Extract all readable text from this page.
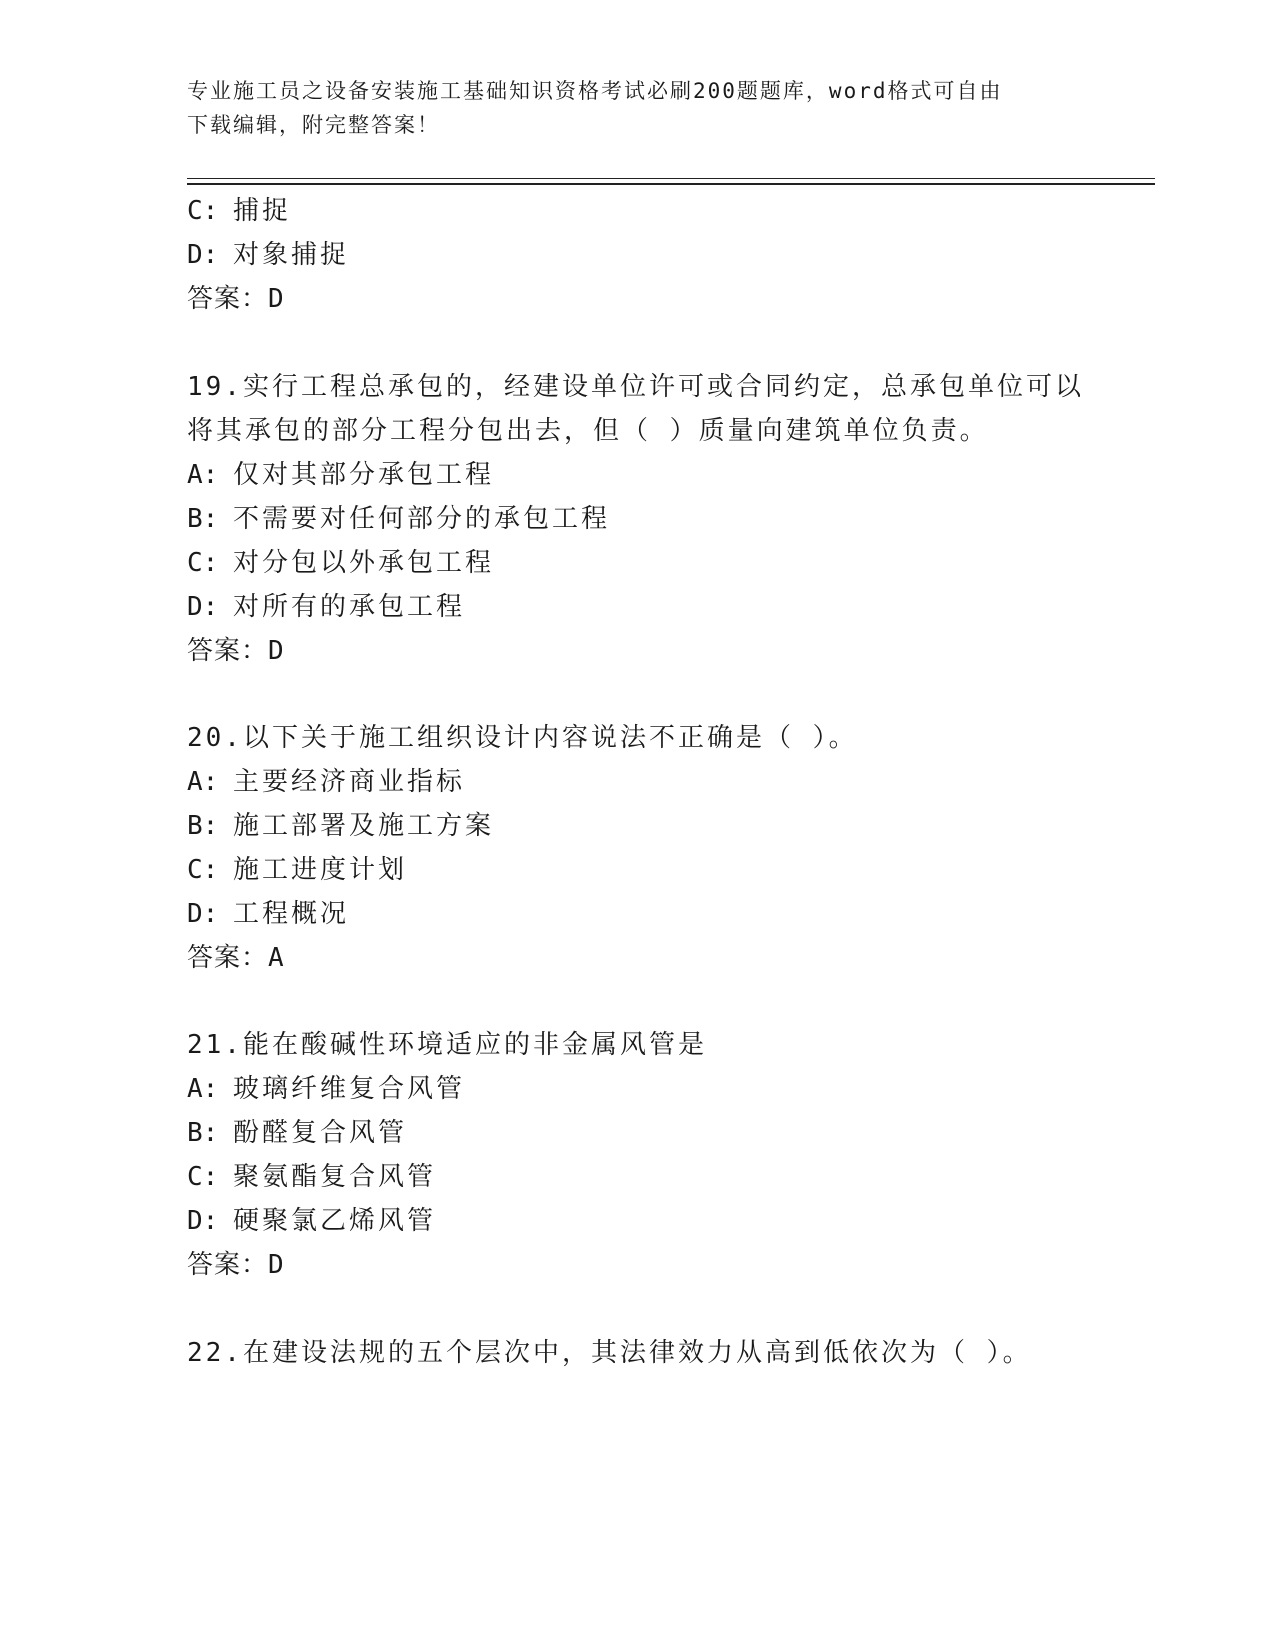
专业施工员之设备安装施工基础知识资格考试必刷200题题库，word格式可自由
下载编辑，附完整答案！
C: 捕捉
D: 对象捕捉
答案：D
19.实行工程总承包的，经建设单位许可或合同约定，总承包单位可以
将其承包的部分工程分包出去，但（ ）质量向建筑单位负责。
A: 仅对其部分承包工程
B: 不需要对任何部分的承包工程
C: 对分包以外承包工程
D: 对所有的承包工程
答案：D
20.以下关于施工组织设计内容说法不正确是（ ）。
A: 主要经济商业指标
B: 施工部署及施工方案
C: 施工进度计划
D: 工程概况
答案：A
21.能在酸碱性环境适应的非金属风管是
A: 玻璃纤维复合风管
B: 酚醛复合风管
C: 聚氨酯复合风管
D: 硬聚氯乙烯风管
答案：D
22.在建设法规的五个层次中，其法律效力从高到低依次为（ ）。
